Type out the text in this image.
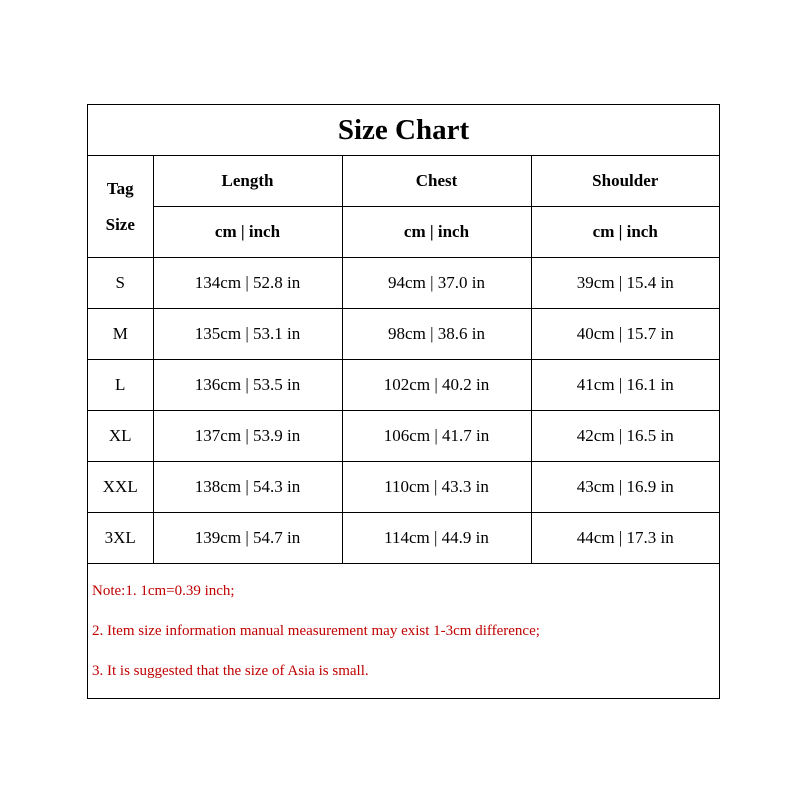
Size Chart
Tag
Size	Length	Chest	Shoulder
	cm | inch	cm | inch	cm | inch
S	134cm | 52.8 in	94cm | 37.0 in	39cm | 15.4 in
M	135cm | 53.1 in	98cm | 38.6 in	40cm | 15.7 in
L	136cm | 53.5 in	102cm | 40.2 in	41cm | 16.1 in
XL	137cm | 53.9 in	106cm | 41.7 in	42cm | 16.5 in
XXL	138cm | 54.3 in	110cm | 43.3 in	43cm | 16.9 in
3XL	139cm | 54.7 in	114cm | 44.9 in	44cm | 17.3 in
Note:1. 1cm=0.39 inch;
2. Item size information manual measurement may exist 1-3cm difference;
3. It is suggested that the size of Asia is small.
